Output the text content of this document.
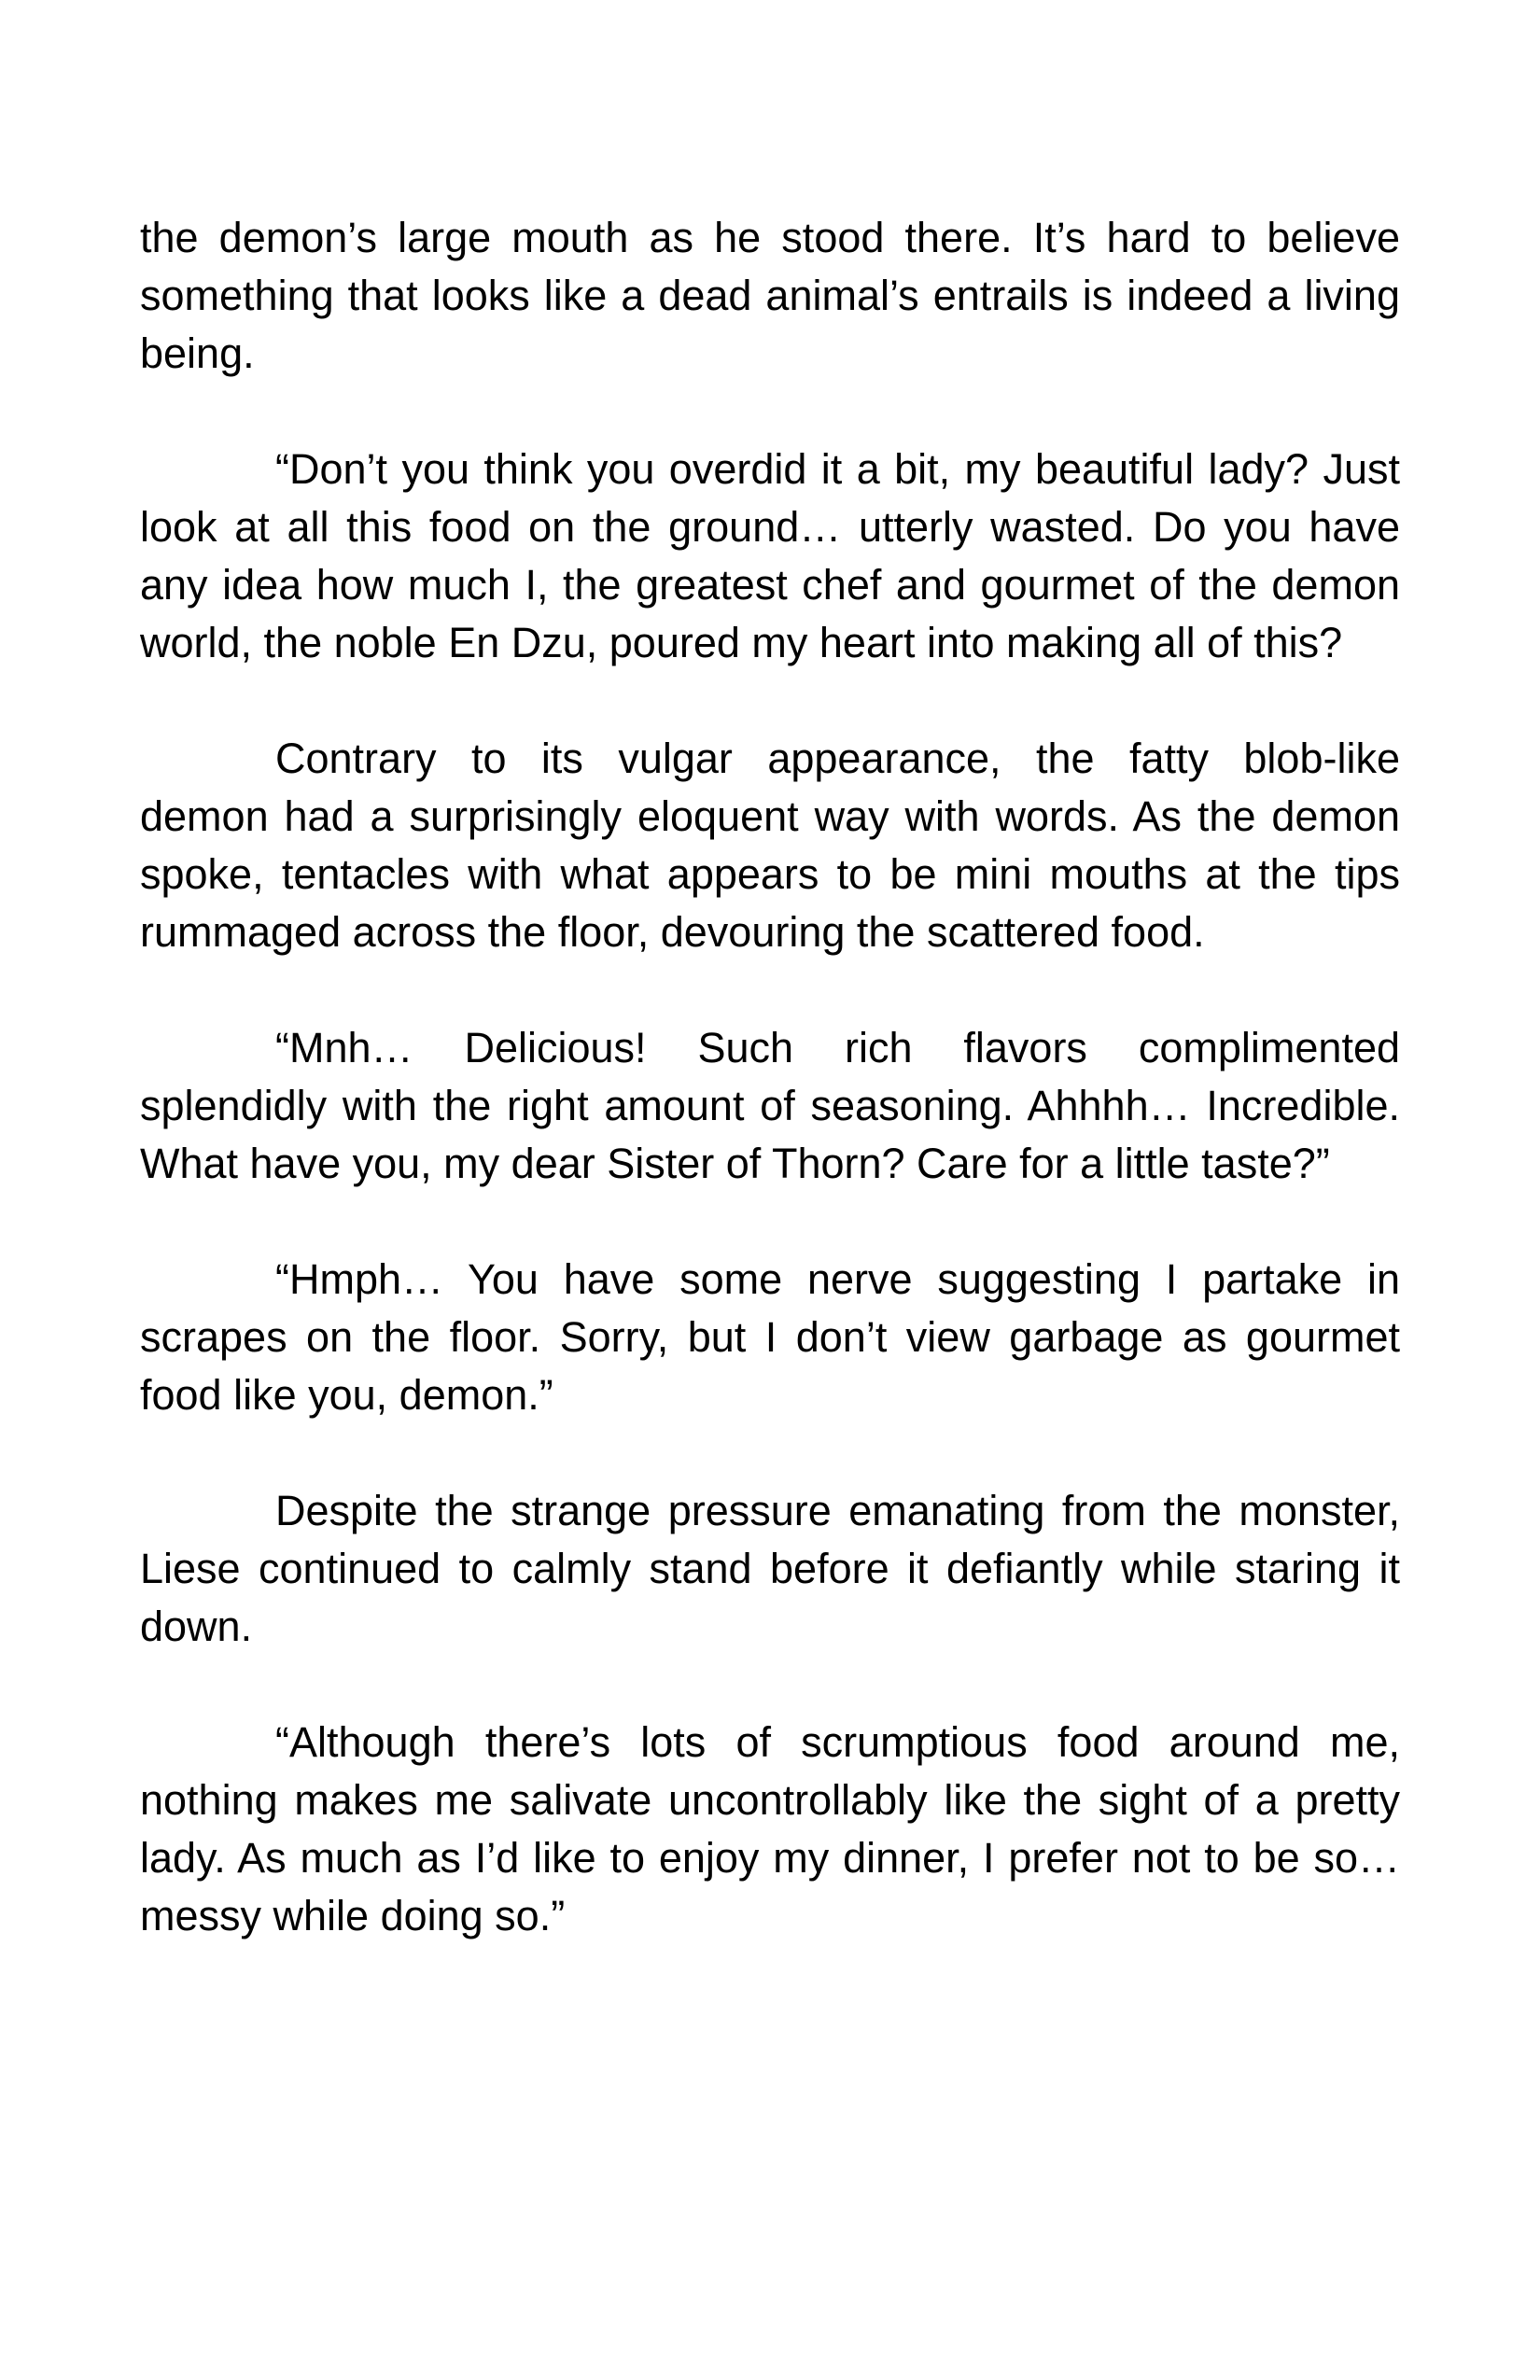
the demon’s large mouth as he stood there. It’s hard to believe
something that looks like a dead animal’s entrails is indeed a living
being.
“Don’t you think you overdid it a bit, my beautiful lady? Just
look at all this food on the ground… utterly wasted. Do you have
any idea how much I, the greatest chef and gourmet of the demon
world, the noble En Dzu, poured my heart into making all of this?
Contrary to its vulgar appearance, the fatty blob-like
demon had a surprisingly eloquent way with words. As the demon
spoke, tentacles with what appears to be mini mouths at the tips
rummaged across the floor, devouring the scattered food.
“Mnh… Delicious! Such rich flavors complimented
splendidly with the right amount of seasoning. Ahhhh… Incredible.
What have you, my dear Sister of Thorn? Care for a little taste?”
“Hmph… You have some nerve suggesting I partake in
scrapes on the floor. Sorry, but I don’t view garbage as gourmet
food like you, demon.”
Despite the strange pressure emanating from the monster,
Liese continued to calmly stand before it defiantly while staring it
down.
“Although there’s lots of scrumptious food around me,
nothing makes me salivate uncontrollably like the sight of a pretty
lady. As much as I’d like to enjoy my dinner, I prefer not to be so…
messy while doing so.”
